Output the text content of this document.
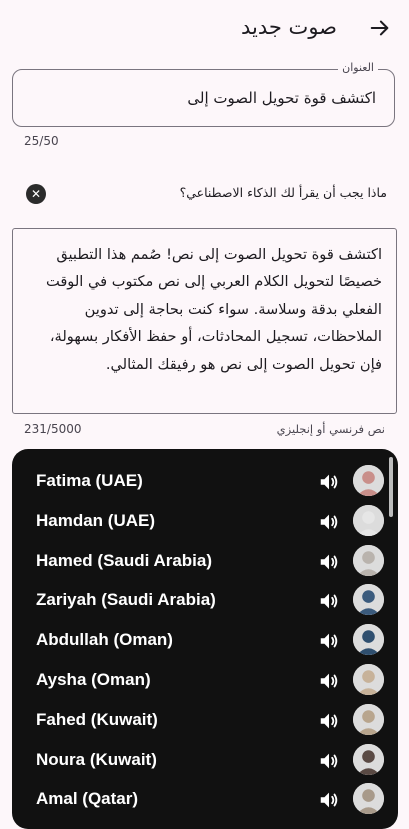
صوت جديد
العنوان
اكتشف قوة تحويل الصوت إلى
25/50
ماذا يجب أن يقرأ لك الذكاء الاصطناعي؟
✕
اكتشف قوة تحويل الصوت إلى نص! صُمم هذا التطبيق خصيصًا لتحويل الكلام العربي إلى نص مكتوب في الوقت الفعلي بدقة وسلاسة. سواء كنت بحاجة إلى تدوين الملاحظات، تسجيل المحادثات، أو حفظ الأفكار بسهولة، فإن تحويل الصوت إلى نص هو رفيقك المثالي.
231/5000	نص فرنسي أو إنجليزي
Fatima (UAE)
Hamdan (UAE)
Hamed (Saudi Arabia)
Zariyah (Saudi Arabia)
Abdullah (Oman)
Aysha (Oman)
Fahed (Kuwait)
Noura (Kuwait)
Amal (Qatar)
